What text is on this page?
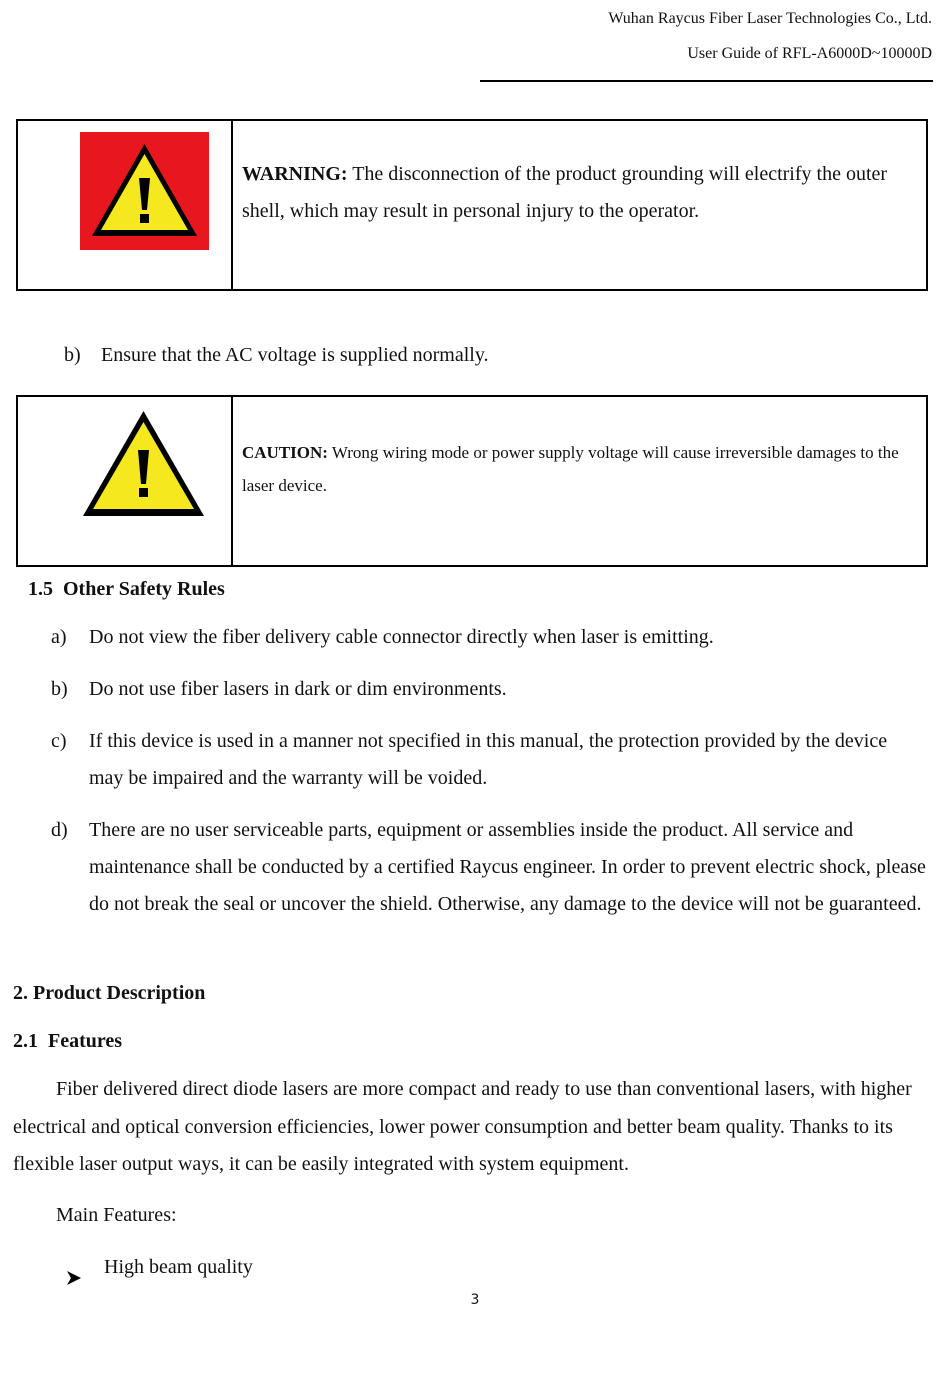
Wuhan Raycus Fiber Laser Technologies Co., Ltd.
User Guide of RFL-A6000D~10000D
WARNING: The disconnection of the product grounding will electrify the outer shell, which may result in personal injury to the operator.
b) Ensure that the AC voltage is supplied normally.
CAUTION: Wrong wiring mode or power supply voltage will cause irreversible damages to the laser device.
1.5 Other Safety Rules
a) Do not view the fiber delivery cable connector directly when laser is emitting.
b) Do not use fiber lasers in dark or dim environments.
c) If this device is used in a manner not specified in this manual, the protection provided by the device may be impaired and the warranty will be voided.
d) There are no user serviceable parts, equipment or assemblies inside the product. All service and maintenance shall be conducted by a certified Raycus engineer. In order to prevent electric shock, please do not break the seal or uncover the shield. Otherwise, any damage to the device will not be guaranteed.
2. Product Description
2.1 Features
Fiber delivered direct diode lasers are more compact and ready to use than conventional lasers, with higher electrical and optical conversion efficiencies, lower power consumption and better beam quality. Thanks to its flexible laser output ways, it can be easily integrated with system equipment.
Main Features:
High beam quality
3
